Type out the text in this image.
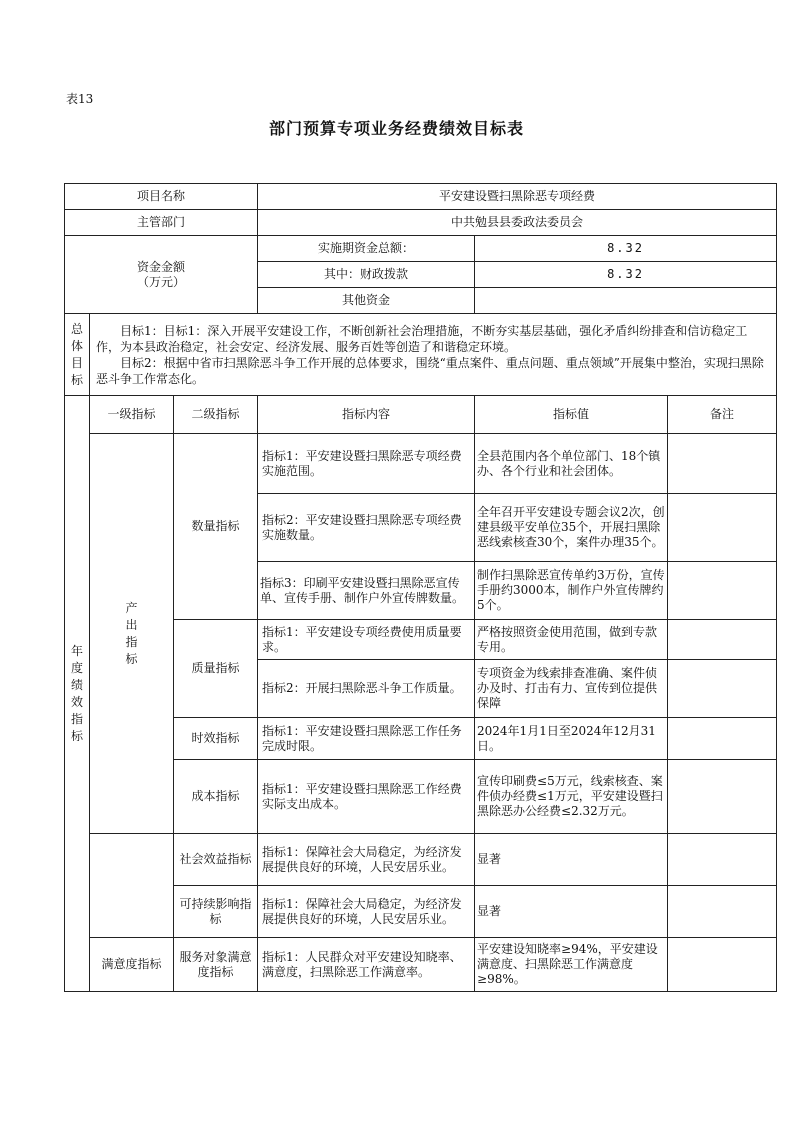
表13
部门预算专项业务经费绩效目标表
项目名称			平安建设暨扫黑除恶专项经费		
主管部门			中共勉县县委政法委员会		
资金金额
（万元）			实施期资金总额：	8.32	
			其中：财政拨款	8.32	
			其他资金		

总体目标	目标1：目标1：深入开展平安建设工作，不断创新社会治理措施，不断夯实基层基础，强化矛盾纠纷排查和信访稳定工作，为本县政治稳定，社会安定、经济发展、服务百姓等创造了和谐稳定环境。

目标2：根据中省市扫黑除恶斗争工作开展的总体要求，围绕“重点案件、重点问题、重点领域”开展集中整治，实现扫黑除恶斗争工作常态化。				

年度绩效指标	一级指标	二级指标	指标内容	指标值	备注

	产出指标	数量指标	指标1：平安建设暨扫黑除恶专项经费实施范围。	全县范围内各个单位部门、18个镇办、各个行业和社会团体。	
			指标2：平安建设暨扫黑除恶专项经费实施数量。	全年召开平安建设专题会议2次，创建县级平安单位35个，开展扫黑除恶线索核查30个，案件办理35个。	
			指标3：印刷平安建设暨扫黑除恶宣传单、宣传手册、制作户外宣传牌数量。	制作扫黑除恶宣传单约3万份，宣传手册约3000本，制作户外宣传牌约5个。	
		质量指标	指标1：平安建设专项经费使用质量要求。	严格按照资金使用范围，做到专款专用。	
			指标2：开展扫黑除恶斗争工作质量。	专项资金为线索排查准确、案件侦办及时、打击有力、宣传到位提供保障	
		时效指标	指标1：平安建设暨扫黑除恶工作任务完成时限。	2024年1月1日至2024年12月31日。	
		成本指标	指标1：平安建设暨扫黑除恶工作经费实际支出成本。	宣传印刷费≤5万元，线索核查、案件侦办经费≤1万元，平安建设暨扫黑除恶办公经费≤2.32万元。	
		社会效益指标	指标1：保障社会大局稳定，为经济发展提供良好的环境，人民安居乐业。	显著	
		可持续影响指标	指标1：保障社会大局稳定，为经济发展提供良好的环境，人民安居乐业。	显著	
	满意度指标	服务对象满意度指标	指标1：人民群众对平安建设知晓率、满意度，扫黑除恶工作满意率。	平安建设知晓率≥94%，平安建设满意度、扫黑除恶工作满意度≥98%。	
